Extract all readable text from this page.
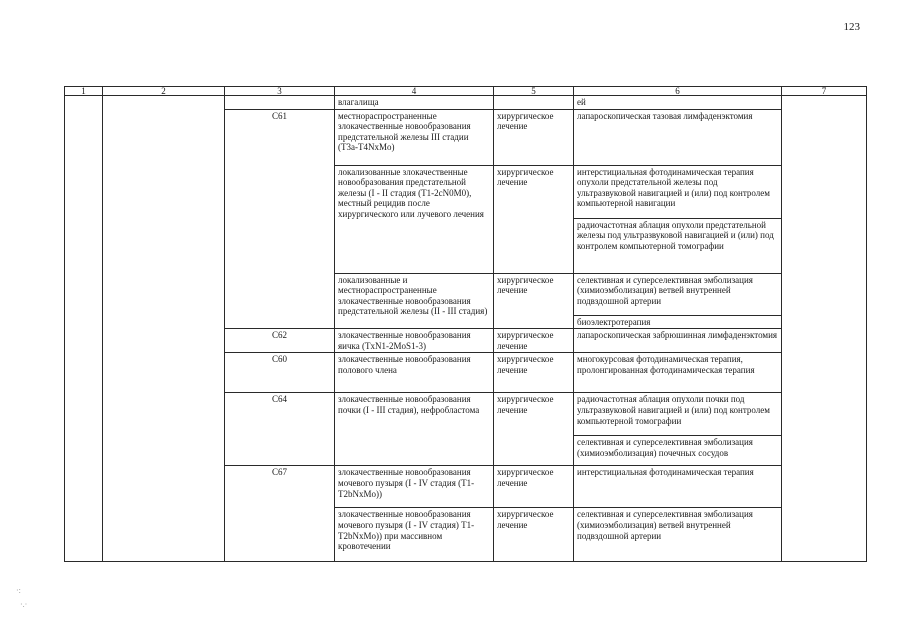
123
1	2	3	4	5	6	7
			влагалища		ей	
		C61	местнораспространенные злокачественные новообразования предстательной железы III стадии (T3a-T4NxMo)	хирургическое лечение	лапароскопическая тазовая лимфаденэктомия	
			локализованные злокачественные новообразования предстательной железы (I - II стадия (T1-2cN0M0), местный рецидив после хирургического или лучевого лечения	хирургическое лечение	интерстициальная фотодинамическая терапия опухоли предстательной железы под ультразвуковой навигацией и (или) под контролем компьютерной навигации	
					радиочастотная аблация опухоли предстательной железы под ультразвуковой навигацией и (или) под контролем компьютерной томографии	
			локализованные и местнораспространенные злокачественные новообразования предстательной железы (II - III стадия)	хирургическое лечение	селективная и суперселективная эмболизация (химиоэмболизация) ветвей внутренней подвздошной артерии	
					биоэлектротерапия	
		C62	злокачественные новообразования яичка (TxN1-2MoS1-3)	хирургическое лечение	лапароскопическая забрюшинная лимфаденэктомия	
		C60	злокачественные новообразования полового члена	хирургическое лечение	многокурсовая фотодинамическая терапия, пролонгированная фотодинамическая терапия	
		C64	злокачественные новообразования почки (I - III стадия), нефробластома	хирургическое лечение	радиочастотная аблация опухоли почки под ультразвуковой навигацией и (или) под контролем компьютерной томографии	
					селективная и суперселективная эмболизация (химиоэмболизация) почечных сосудов	
		C67	злокачественные новообразования мочевого пузыря (I - IV стадия (T1-T2bNxMo))	хирургическое лечение	интерстициальная фотодинамическая терапия	
			злокачественные новообразования мочевого пузыря (I - IV стадия) T1-T2bNxMo)) при массивном кровотечении	хирургическое лечение	селективная и суперселективная эмболизация (химиоэмболизация) ветвей внутренней подвздошной артерии	
·:
·.·
